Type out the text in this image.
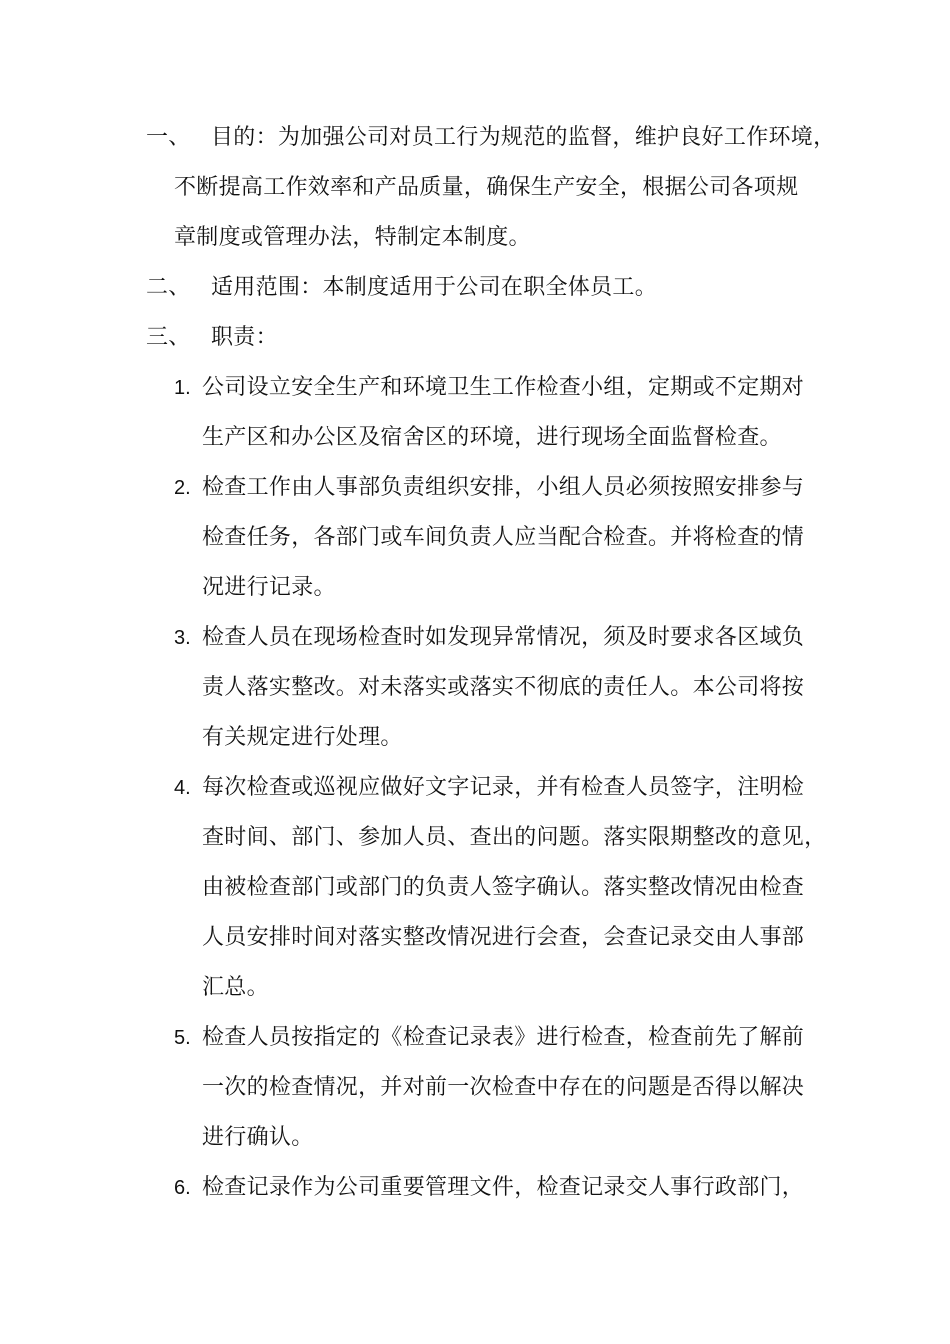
一、 目的：为加强公司对员工行为规范的监督，维护良好工作环境，
不断提高工作效率和产品质量，确保生产安全，根据公司各项规
章制度或管理办法，特制定本制度。
二、 适用范围：本制度适用于公司在职全体员工。
三、 职责：
1. 公司设立安全生产和环境卫生工作检查小组，定期或不定期对
生产区和办公区及宿舍区的环境，进行现场全面监督检查。
2. 检查工作由人事部负责组织安排，小组人员必须按照安排参与
检查任务，各部门或车间负责人应当配合检查。并将检查的情
况进行记录。
3. 检查人员在现场检查时如发现异常情况，须及时要求各区域负
责人落实整改。对未落实或落实不彻底的责任人。本公司将按
有关规定进行处理。
4. 每次检查或巡视应做好文字记录，并有检查人员签字，注明检
查时间、部门、参加人员、查出的问题。落实限期整改的意见，
由被检查部门或部门的负责人签字确认。落实整改情况由检查
人员安排时间对落实整改情况进行会查，会查记录交由人事部
汇总。
5. 检查人员按指定的《检查记录表》进行检查，检查前先了解前
一次的检查情况，并对前一次检查中存在的问题是否得以解决
进行确认。
6. 检查记录作为公司重要管理文件，检查记录交人事行政部门，
